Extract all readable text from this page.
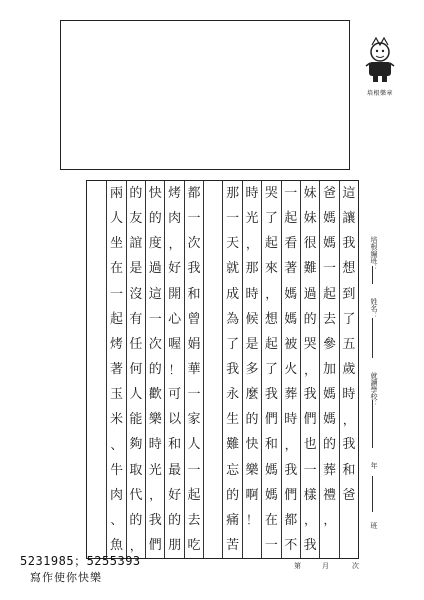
培根樂章
這
讓
我
想
到
了
五
歲
時
，
我
和
爸
爸
媽
媽
一
起
去
參
加
媽
媽
的
葬
禮
，
妹
妹
很
難
過
的
哭
，
我
們
也
一
樣
，
我
一
起
看
著
媽
媽
被
火
葬
時
，
我
們
都
不
哭
了
起
來
，
想
起
了
我
們
和
媽
媽
在
一
時
光
，
那
時
候
是
多
麼
的
快
樂
啊
！
那
一
天
就
成
為
了
我
永
生
難
忘
的
痛
苦
都
一
次
我
和
曾
娟
華
一
家
人
一
起
去
吃
烤
肉
，
好
開
心
喔
！
可
以
和
最
好
的
朋
快
的
度
過
這
一
次
的
歡
樂
時
光
，
我
們
的
友
誼
是
沒
有
任
何
人
能
夠
取
代
的
，
兩
人
坐
在
一
起
烤
著
玉
米
、
牛
肉
、
魚
培根編班：
姓名：
就讀學校：
年
班
第	月	次
5231985；5255393
寫作使你快樂
